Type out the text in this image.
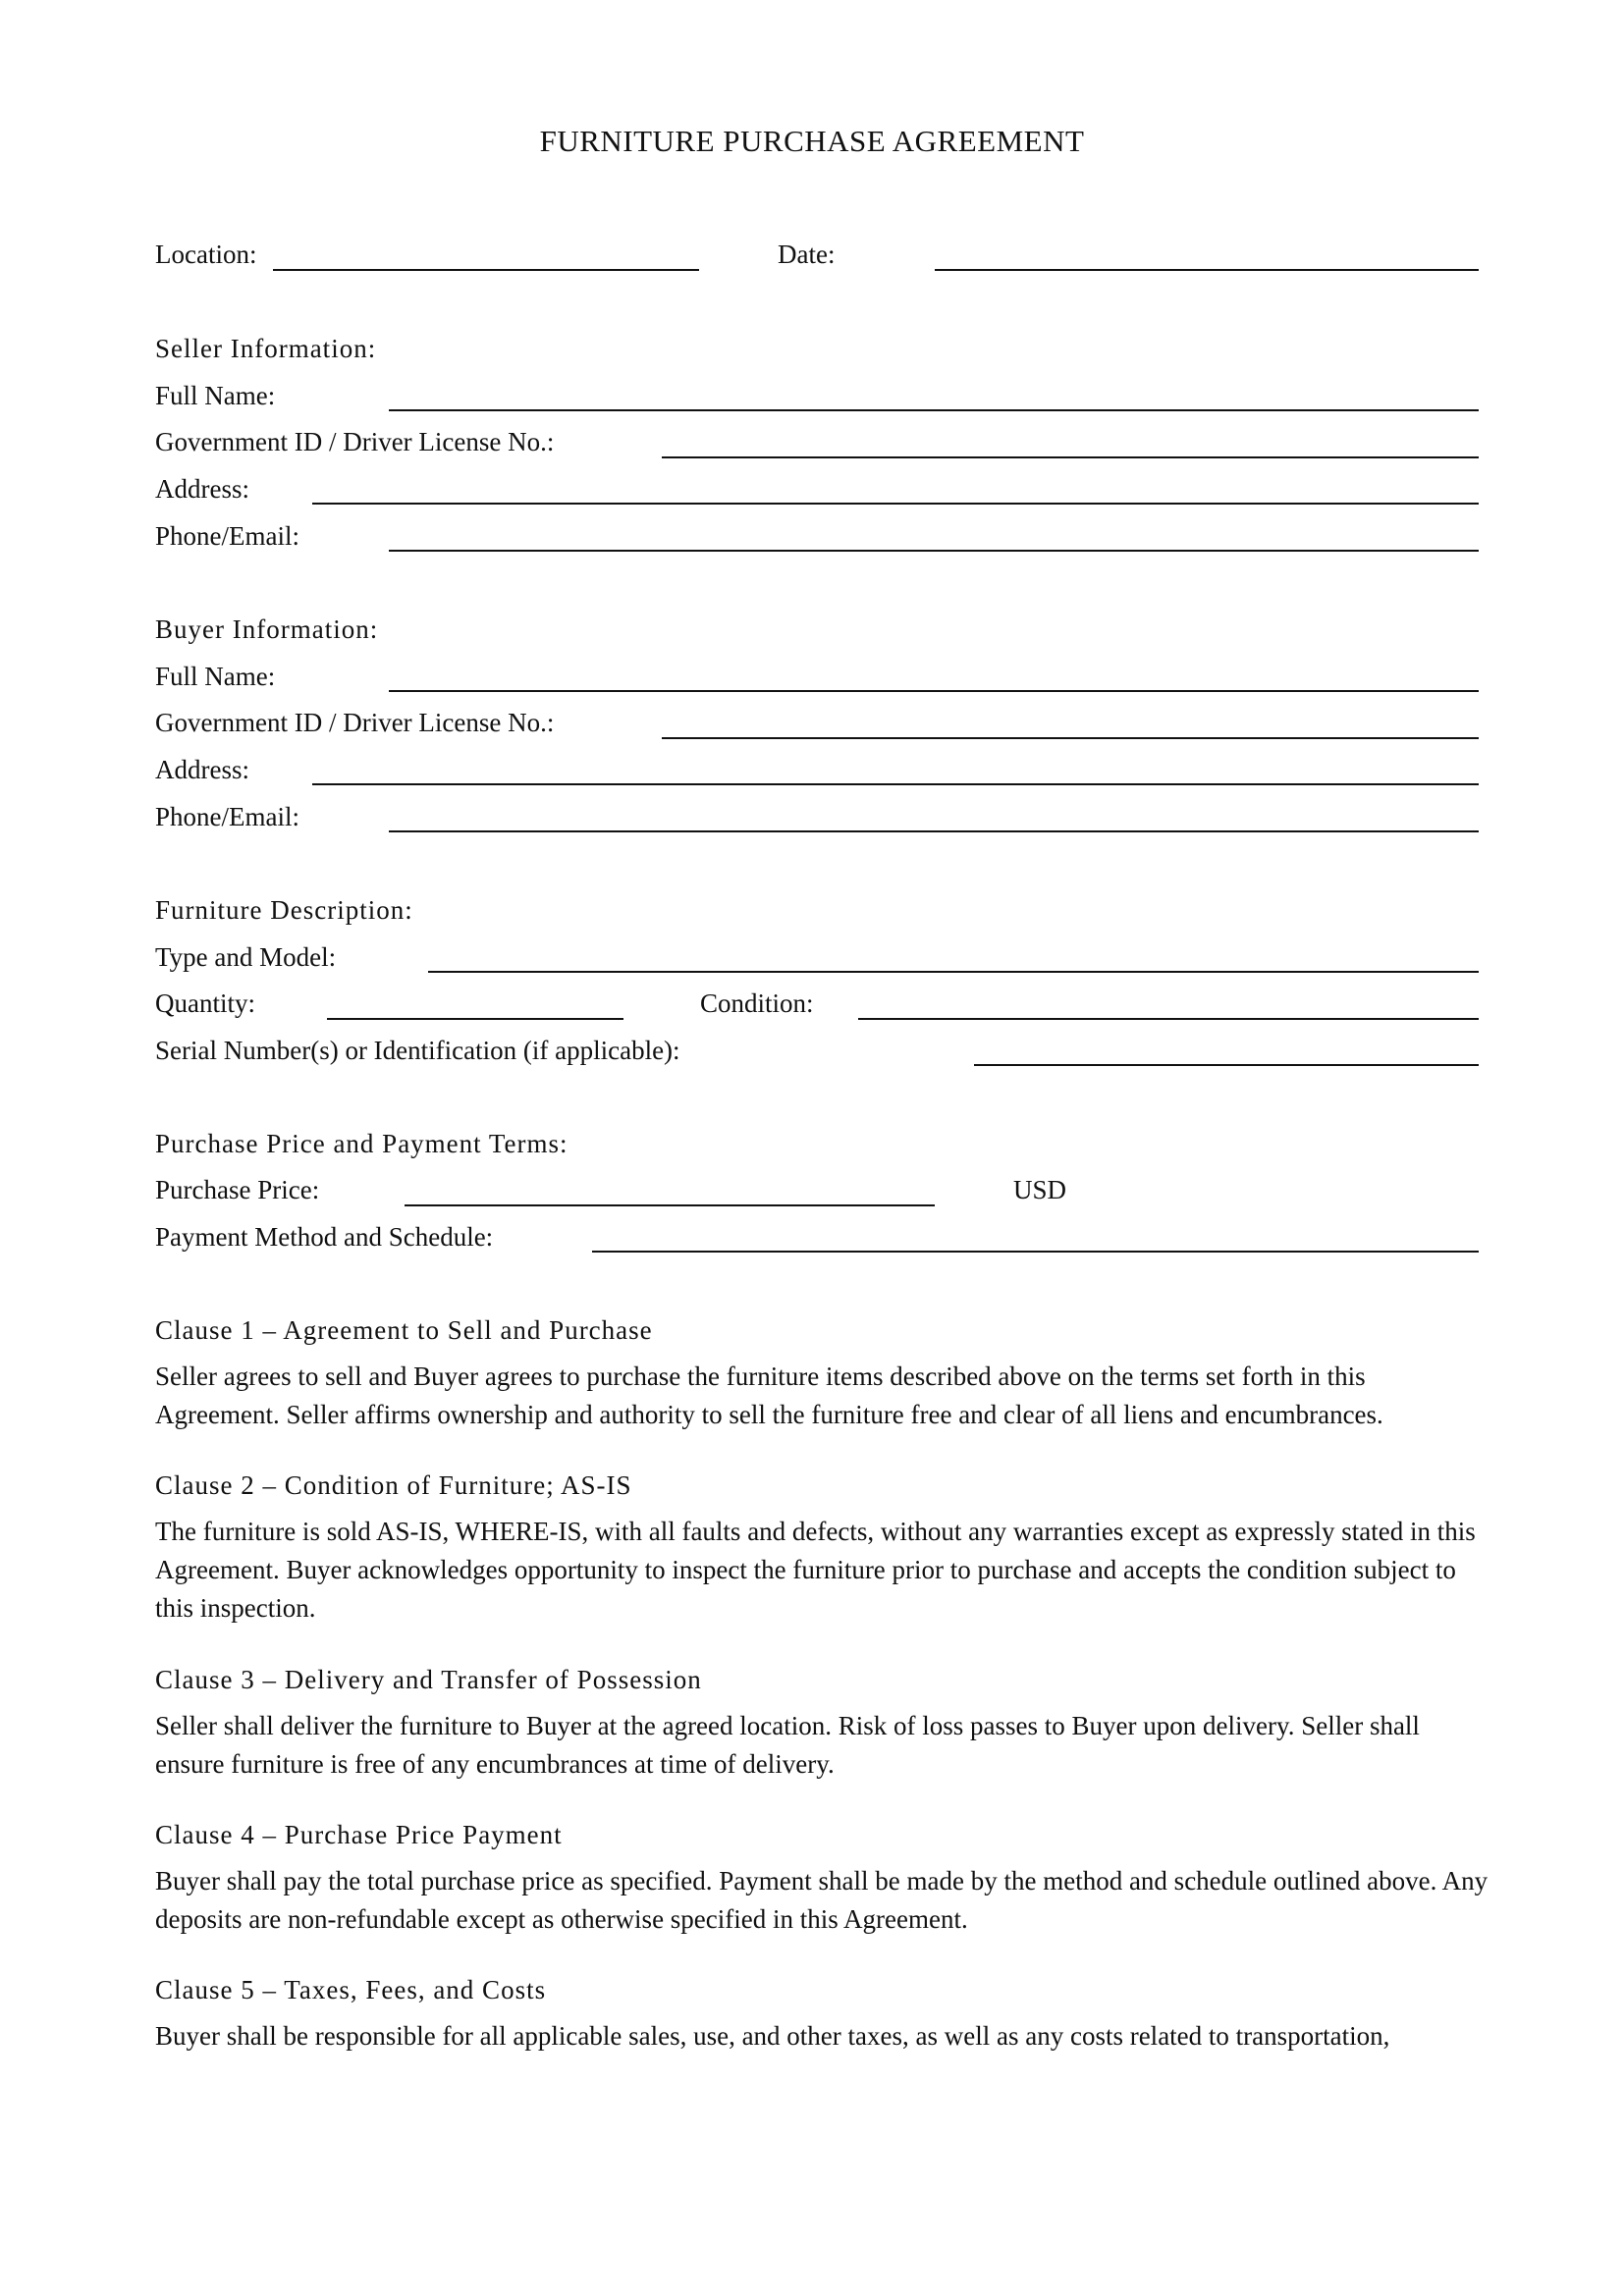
FURNITURE PURCHASE AGREEMENT
Location:	Date:
Seller Information:
Full Name:
Government ID / Driver License No.:
Address:
Phone/Email:
Buyer Information:
Full Name:
Government ID / Driver License No.:
Address:
Phone/Email:
Furniture Description:
Type and Model:
Quantity:	Condition:
Serial Number(s) or Identification (if applicable):
Purchase Price and Payment Terms:
Purchase Price:	USD
Payment Method and Schedule:
Clause 1 – Agreement to Sell and Purchase
Seller agrees to sell and Buyer agrees to purchase the furniture items described above on the terms set forth in this Agreement. Seller affirms ownership and authority to sell the furniture free and clear of all liens and encumbrances.
Clause 2 – Condition of Furniture; AS-IS
The furniture is sold AS-IS, WHERE-IS, with all faults and defects, without any warranties except as expressly stated in this Agreement. Buyer acknowledges opportunity to inspect the furniture prior to purchase and accepts the condition subject to this inspection.
Clause 3 – Delivery and Transfer of Possession
Seller shall deliver the furniture to Buyer at the agreed location. Risk of loss passes to Buyer upon delivery. Seller shall ensure furniture is free of any encumbrances at time of delivery.
Clause 4 – Purchase Price Payment
Buyer shall pay the total purchase price as specified. Payment shall be made by the method and schedule outlined above. Any deposits are non-refundable except as otherwise specified in this Agreement.
Clause 5 – Taxes, Fees, and Costs
Buyer shall be responsible for all applicable sales, use, and other taxes, as well as any costs related to transportation,
